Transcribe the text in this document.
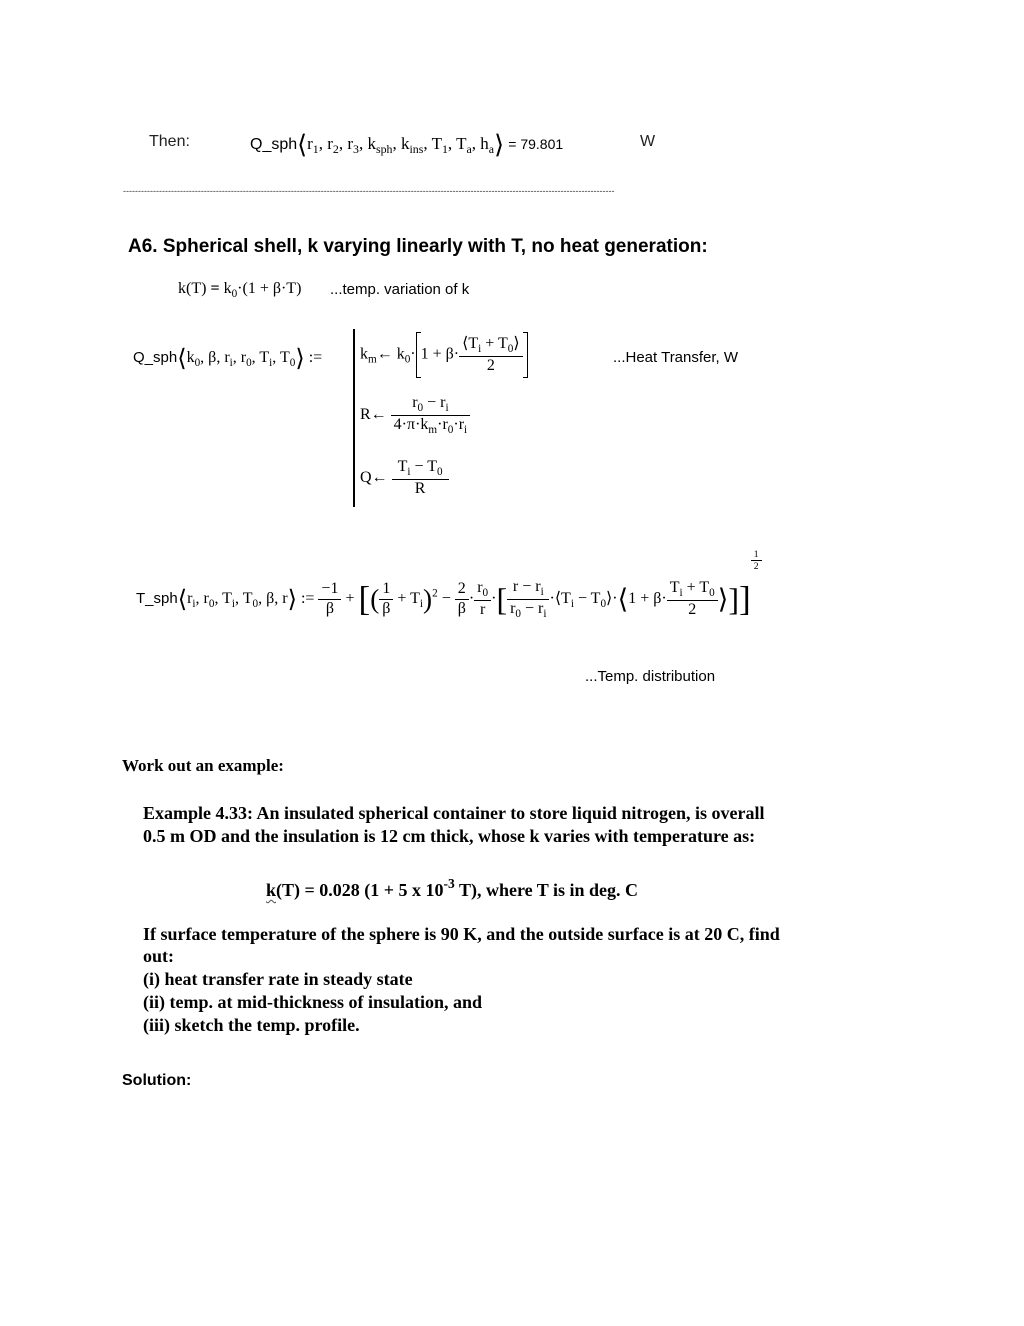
Then:	$Q\_sph⟨r_1$, $r_2$, $r_3$, $k_{sph}$, $k_{ins}$, $T_1$, $T_a$, $h_a⟩ = 79.801$	W
--------------------------------------------------------------------------------------------------------------------------------------------------------------------
A6. Spherical shell, k varying linearly with T, no heat generation:
$k(T) = k_0\cdot(1 + \beta\cdot T)$ ...temp. variation of k
$Q\_sph⟨k_0$, β, $r_i$, $r_0$, $T_i$, $T_0⟩$ := $k_m\leftarrow$ $k_0\cdot 1 + \beta\cdot \frac{⟨T_i + T_0⟩}{2}$	...Heat Transfer, W
R← $\frac{r_0 - r_i}{4\cdot\pi\cdot k_m\cdot r_0\cdot r_i}$
Q← $\frac{T_i - T_0}{R}$
$T\_sph⟨r_i$, $r_0$, $T_i$, $T_0$, β, r⟩ := $\frac{-1}{\beta}$ + [( $\frac{1}{\beta} + T_i)^2 - \frac{2}{\beta} \cdot \frac{r_0}{r}$ ·[ $\frac{r - r_i}{r_0 - r_i}$ $\cdot⟨T_i$ − $T_0⟩\cdot⟨1 + \beta\cdot \frac{T_i + T_0}{2}$ ⟩]]
$^{\frac{1}{2}}$
...Temp. distribution
Work out an example:
Example 4.33: An insulated spherical container to store liquid nitrogen, is overall
0.5 m OD and the insulation is 12 cm thick, whose k varies with temperature as:
k(T) = 0.028 (1 + 5 x $10^{-3}$ T), where T is in deg. C
If surface temperature of the sphere is 90 K, and the outside surface is at 20 C, find
out:
(i) heat transfer rate in steady state
(ii) temp. at mid-thickness of insulation, and
(iii) sketch the temp. profile.
Solution:
